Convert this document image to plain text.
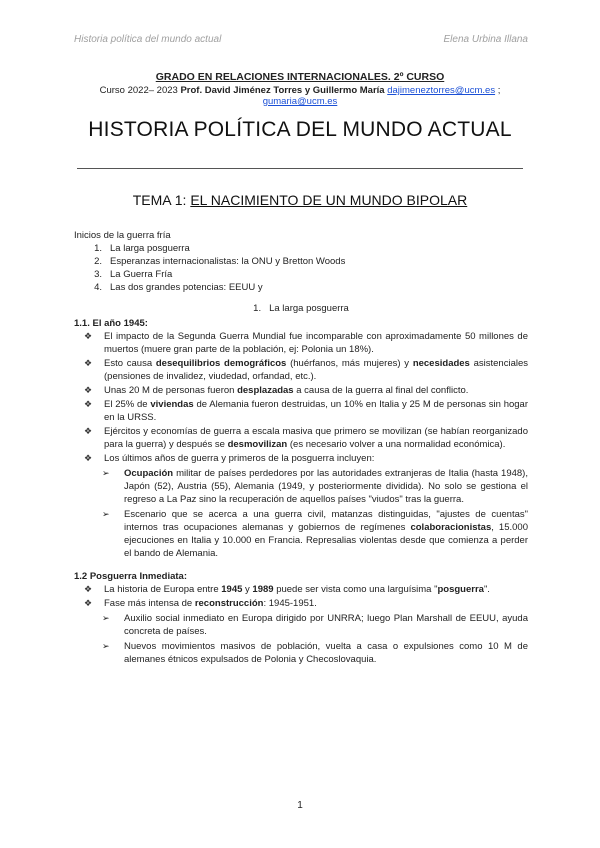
Historia política del mundo actual	Elena Urbina Illana
GRADO EN RELACIONES INTERNACIONALES. 2º CURSO
Curso 2022– 2023 Prof. David Jiménez Torres y Guillermo María dajimeneztorres@ucm.es ;
gumaria@ucm.es
HISTORIA POLÍTICA DEL MUNDO ACTUAL
TEMA 1: EL NACIMIENTO DE UN MUNDO BIPOLAR
Inicios de la guerra fría
1. La larga posguerra
2. Esperanzas internacionalistas: la ONU y Bretton Woods
3. La Guerra Fría
4. Las dos grandes potencias: EEUU y
1. La larga posguerra
1.1. El año 1945:
❖	El impacto de la Segunda Guerra Mundial fue incomparable con aproximadamente 50 millones de muertos (muere gran parte de la población, ej: Polonia un 18%).
❖	Esto causa desequilibrios demográficos (huérfanos, más mujeres) y necesidades asistenciales (pensiones de invalidez, viudedad, orfandad, etc.).
❖	Unas 20 M de personas fueron desplazadas a causa de la guerra al final del conflicto.
❖	El 25% de viviendas de Alemania fueron destruidas, un 10% en Italia y 25 M de personas sin hogar en la URSS.
❖	Ejércitos y economías de guerra a escala masiva que primero se movilizan (se habían reorganizado para la guerra) y después se desmovilizan (es necesario volver a una normalidad económica).
❖	Los últimos años de guerra y primeros de la posguerra incluyen:
➢	Ocupación militar de países perdedores por las autoridades extranjeras de Italia (hasta 1948), Japón (52), Austria (55), Alemania (1949, y posteriormente dividida). No solo se gestiona el regreso a La Paz sino la recuperación de aquellos países "viudos" tras la guerra.
➢	Escenario que se acerca a una guerra civil, matanzas distinguidas, "ajustes de cuentas" internos tras ocupaciones alemanas y gobiernos de regímenes colaboracionistas, 15.000 ejecuciones en Italia y 10.000 en Francia. Represalias violentas desde que comienza a perder el bando de Alemania.
1.2 Posguerra Inmediata:
❖	La historia de Europa entre 1945 y 1989 puede ser vista como una larguísima "posguerra".
❖	Fase más intensa de reconstrucción: 1945-1951.
➢	Auxilio social inmediato en Europa dirigido por UNRRA; luego Plan Marshall de EEUU, ayuda concreta de países.
➢	Nuevos movimientos masivos de población, vuelta a casa o expulsiones como 10 M de alemanes étnicos expulsados de Polonia y Checoslovaquia.
1
